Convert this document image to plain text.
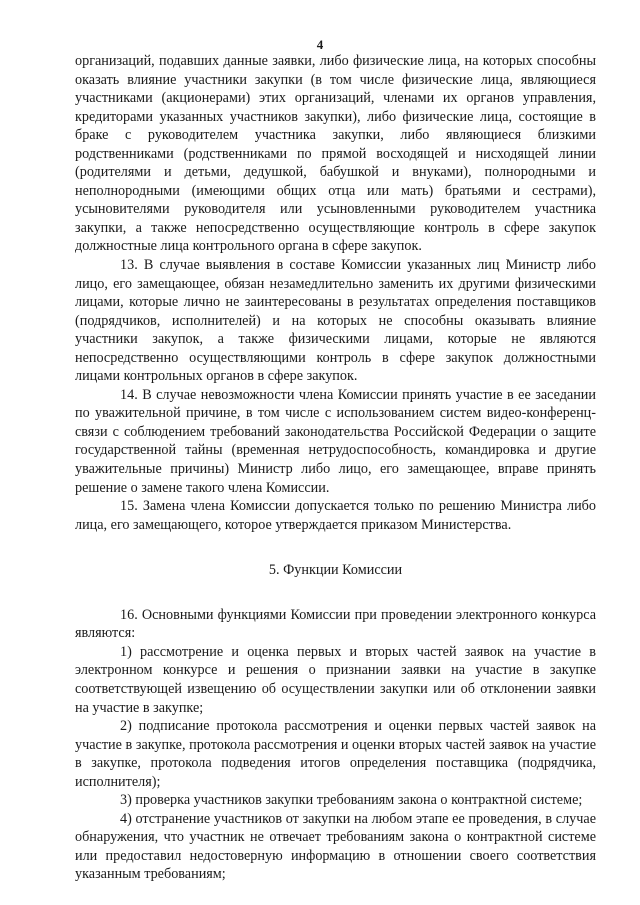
4

организаций, подавших данные заявки, либо физические лица, на которых способны оказать влияние участники закупки (в том числе физические лица, являющиеся участниками (акционерами) этих организаций, членами их органов управления, кредиторами указанных участников закупки), либо физические лица, состоящие в браке с руководителем участника закупки, либо являющиеся близкими родственниками (родственниками по прямой восходящей и нисходящей линии (родителями и детьми, дедушкой, бабушкой и внуками), полнородными и неполнородными (имеющими общих отца или мать) братьями и сестрами), усыновителями руководителя или усыновленными руководителем участника закупки, а также непосредственно осуществляющие контроль в сфере закупок должностные лица контрольного органа в сфере закупок.

13. В случае выявления в составе Комиссии указанных лиц Министр либо лицо, его замещающее, обязан незамедлительно заменить их другими физическими лицами, которые лично не заинтересованы в результатах определения поставщиков (подрядчиков, исполнителей) и на которых не способны оказывать влияние участники закупок, а также физическими лицами, которые не являются непосредственно осуществляющими контроль в сфере закупок должностными лицами контрольных органов в сфере закупок.

14. В случае невозможности члена Комиссии принять участие в ее заседании по уважительной причине, в том числе с использованием систем видео-конференц-связи с соблюдением требований законодательства Российской Федерации о защите государственной тайны (временная нетрудоспособность, командировка и другие уважительные причины) Министр либо лицо, его замещающее, вправе принять решение о замене такого члена Комиссии.

15. Замена члена Комиссии допускается только по решению Министра либо лица, его замещающего, которое утверждается приказом Министерства.

5. Функции Комиссии

16. Основными функциями Комиссии при проведении электронного конкурса являются:

1) рассмотрение и оценка первых и вторых частей заявок на участие в электронном конкурсе и решения о признании заявки на участие в закупке соответствующей извещению об осуществлении закупки или об отклонении заявки на участие в закупке;

2) подписание протокола рассмотрения и оценки первых частей заявок на участие в закупке, протокола рассмотрения и оценки вторых частей заявок на участие в закупке, протокола подведения итогов определения поставщика (подрядчика, исполнителя);

3) проверка участников закупки требованиям закона о контрактной системе;

4) отстранение участников от закупки на любом этапе ее проведения, в случае обнаружения, что участник не отвечает требованиям закона о контрактной системе или предоставил недостоверную информацию в отношении своего соответствия указанным требованиям;
